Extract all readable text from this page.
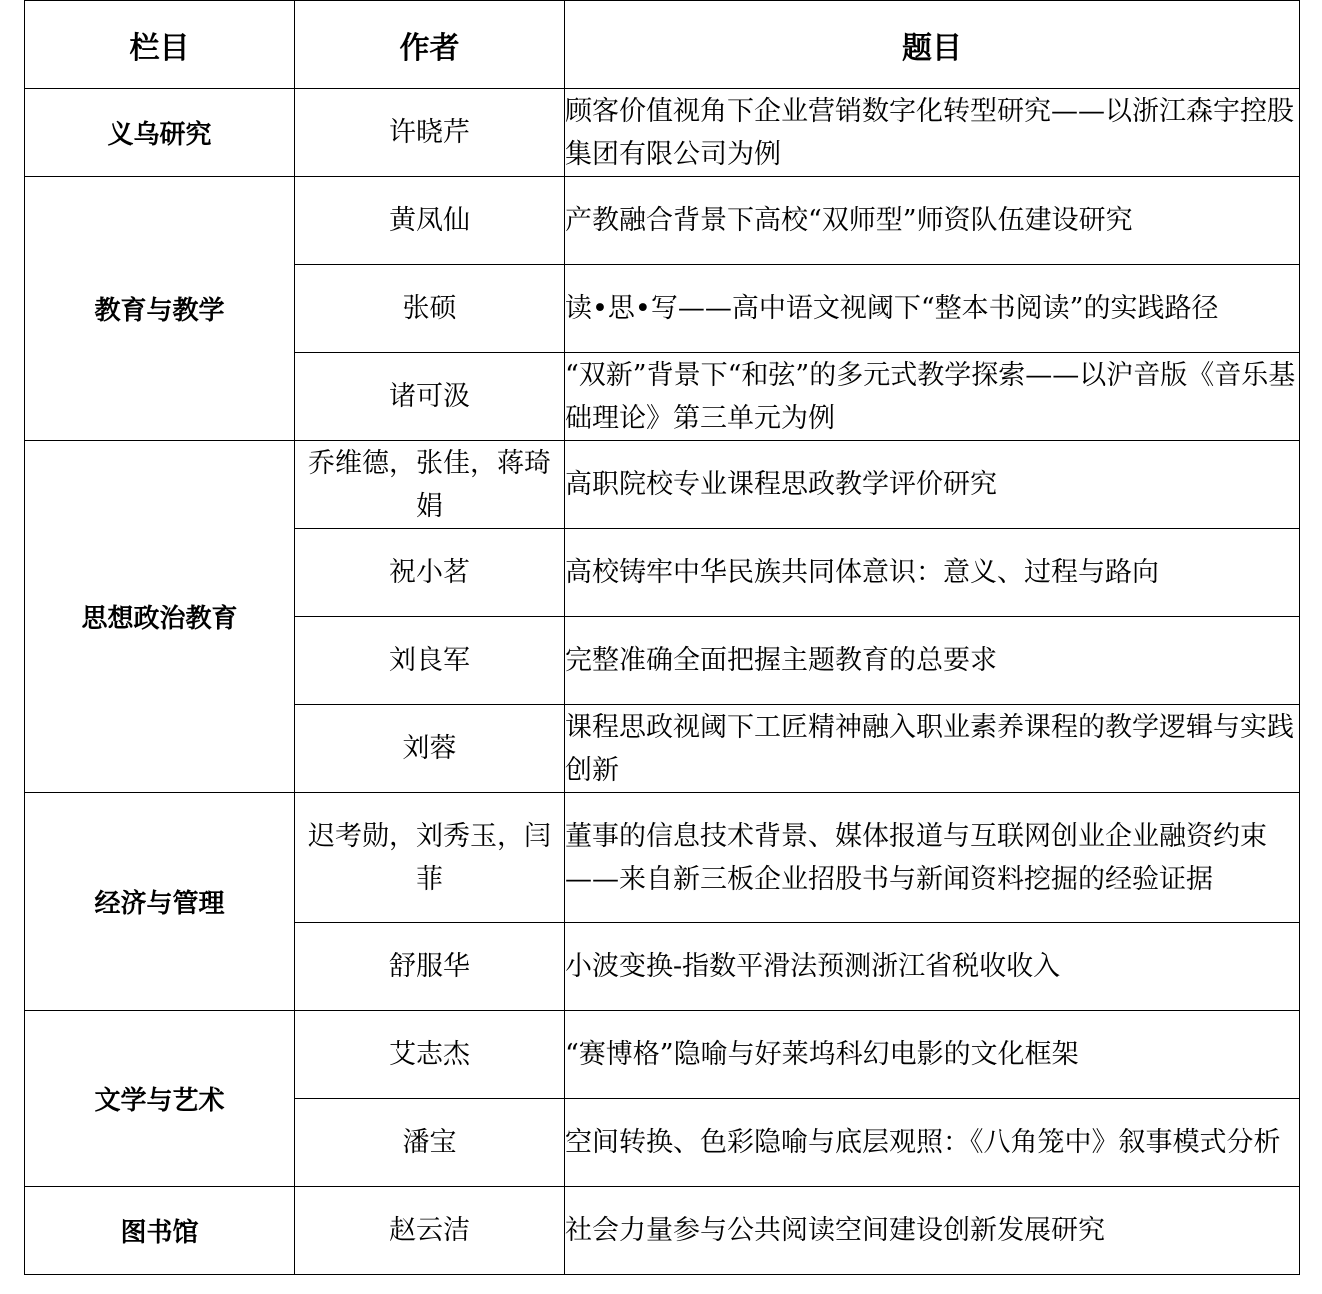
栏目	作者	题目
义乌研究	许晓芹	顾客价值视角下企业营销数字化转型研究——以浙江森宇控股集团有限公司为例
教育与教学	黄凤仙	产教融合背景下高校“双师型”师资队伍建设研究
	张硕	读•思•写——高中语文视阈下“整本书阅读”的实践路径
	诸可汲	“双新”背景下“和弦”的多元式教学探索——以沪音版《音乐基础理论》第三单元为例
思想政治教育	乔维德，张佳，蒋琦娟	高职院校专业课程思政教学评价研究
	祝小茗	高校铸牢中华民族共同体意识：意义、过程与路向
	刘良军	完整准确全面把握主题教育的总要求
	刘蓉	课程思政视阈下工匠精神融入职业素养课程的教学逻辑与实践创新
经济与管理	迟考勋，刘秀玉，闫菲	董事的信息技术背景、媒体报道与互联网创业企业融资约束——来自新三板企业招股书与新闻资料挖掘的经验证据
	舒服华	小波变换-指数平滑法预测浙江省税收收入
文学与艺术	艾志杰	“赛博格”隐喻与好莱坞科幻电影的文化框架
	潘宝	空间转换、色彩隐喻与底层观照：《八角笼中》叙事模式分析
图书馆	赵云洁	社会力量参与公共阅读空间建设创新发展研究
